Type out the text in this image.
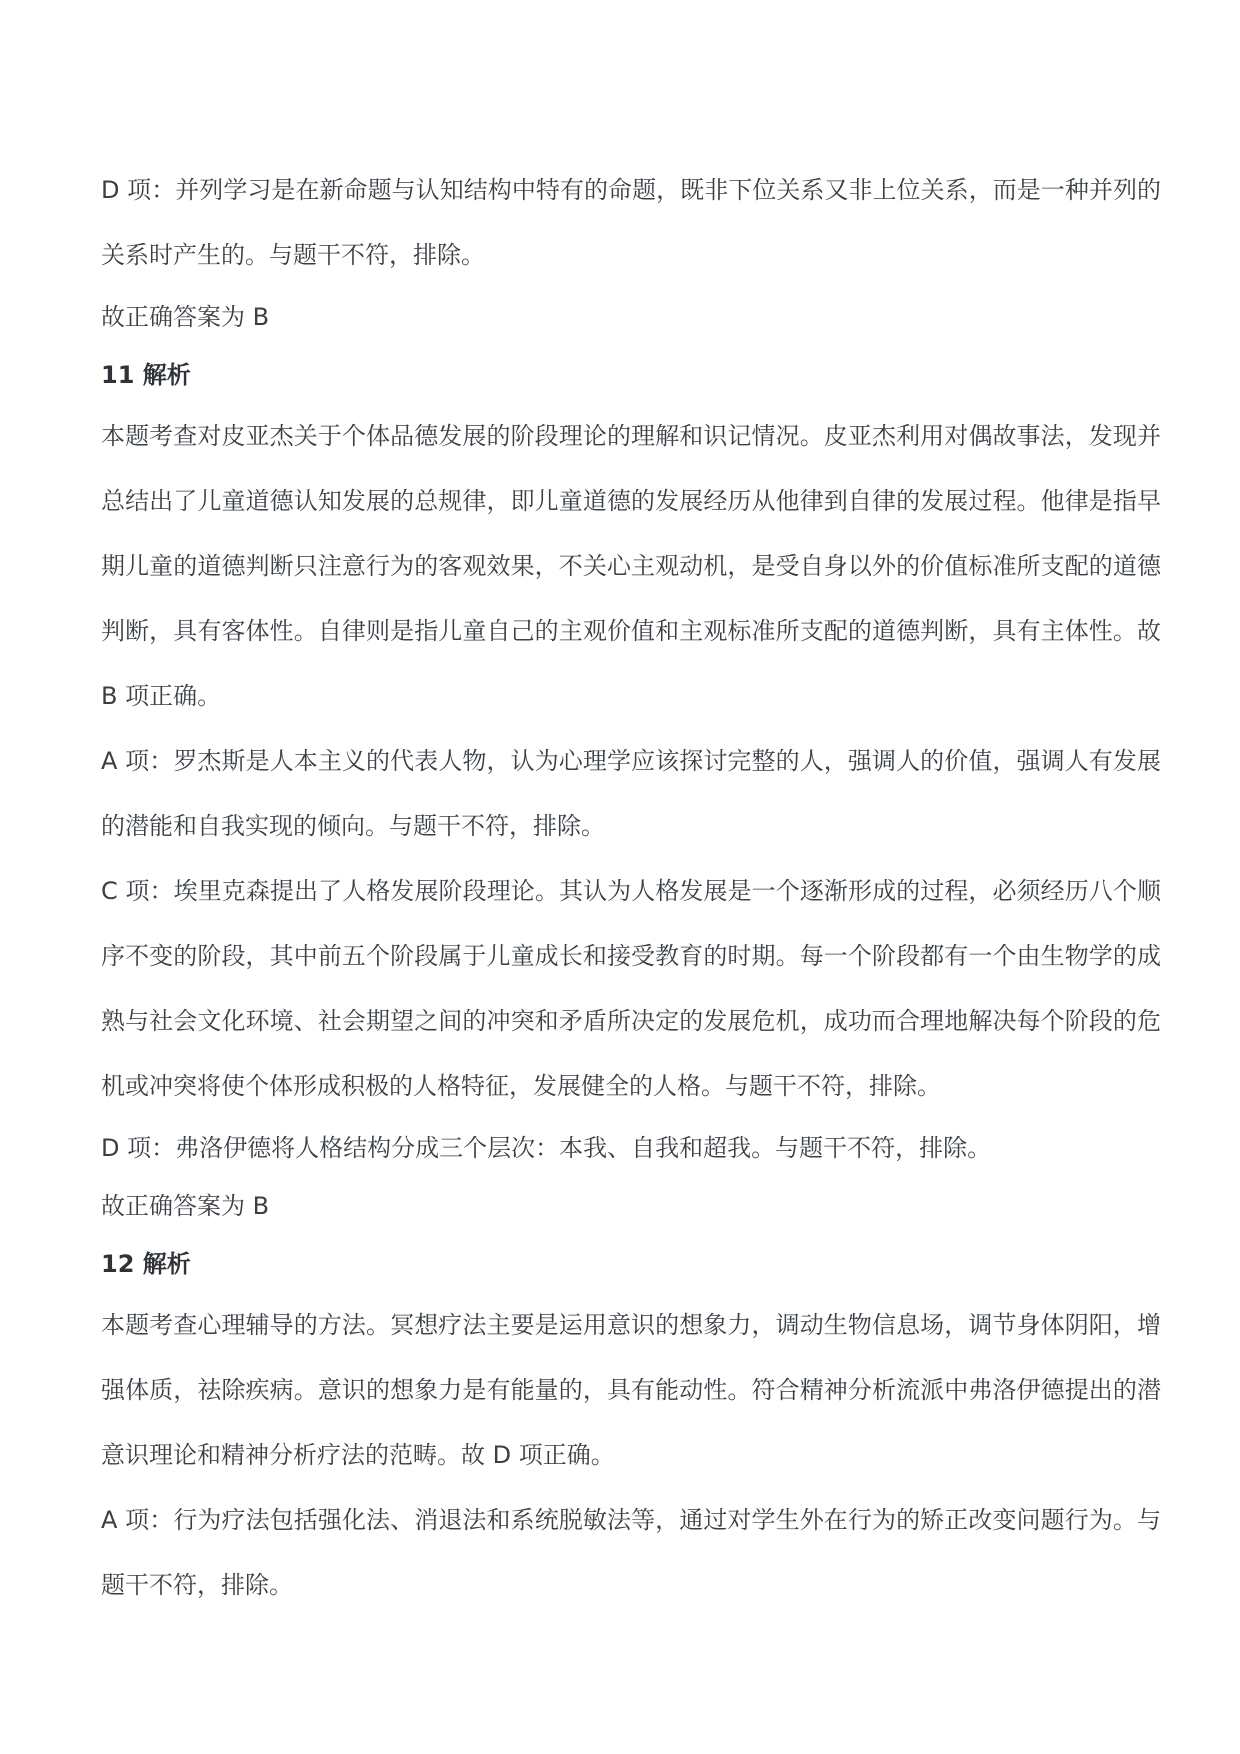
D 项：并列学习是在新命题与认知结构中特有的命题，既非下位关系又非上位关系，而是一种并列的关系时产生的。与题干不符，排除。

故正确答案为 B

11 解析

本题考查对皮亚杰关于个体品德发展的阶段理论的理解和识记情况。皮亚杰利用对偶故事法，发现并总结出了儿童道德认知发展的总规律，即儿童道德的发展经历从他律到自律的发展过程。他律是指早期儿童的道德判断只注意行为的客观效果，不关心主观动机，是受自身以外的价值标准所支配的道德判断，具有客体性。自律则是指儿童自己的主观价值和主观标准所支配的道德判断，具有主体性。故 B 项正确。

A 项：罗杰斯是人本主义的代表人物，认为心理学应该探讨完整的人，强调人的价值，强调人有发展的潜能和自我实现的倾向。与题干不符，排除。

C 项：埃里克森提出了人格发展阶段理论。其认为人格发展是一个逐渐形成的过程，必须经历八个顺序不变的阶段，其中前五个阶段属于儿童成长和接受教育的时期。每一个阶段都有一个由生物学的成熟与社会文化环境、社会期望之间的冲突和矛盾所决定的发展危机，成功而合理地解决每个阶段的危机或冲突将使个体形成积极的人格特征，发展健全的人格。与题干不符，排除。

D 项：弗洛伊德将人格结构分成三个层次：本我、自我和超我。与题干不符，排除。

故正确答案为 B

12 解析

本题考查心理辅导的方法。冥想疗法主要是运用意识的想象力，调动生物信息场，调节身体阴阳，增强体质，祛除疾病。意识的想象力是有能量的，具有能动性。符合精神分析流派中弗洛伊德提出的潜意识理论和精神分析疗法的范畴。故 D 项正确。

A 项：行为疗法包括强化法、消退法和系统脱敏法等，通过对学生外在行为的矫正改变问题行为。与题干不符，排除。
